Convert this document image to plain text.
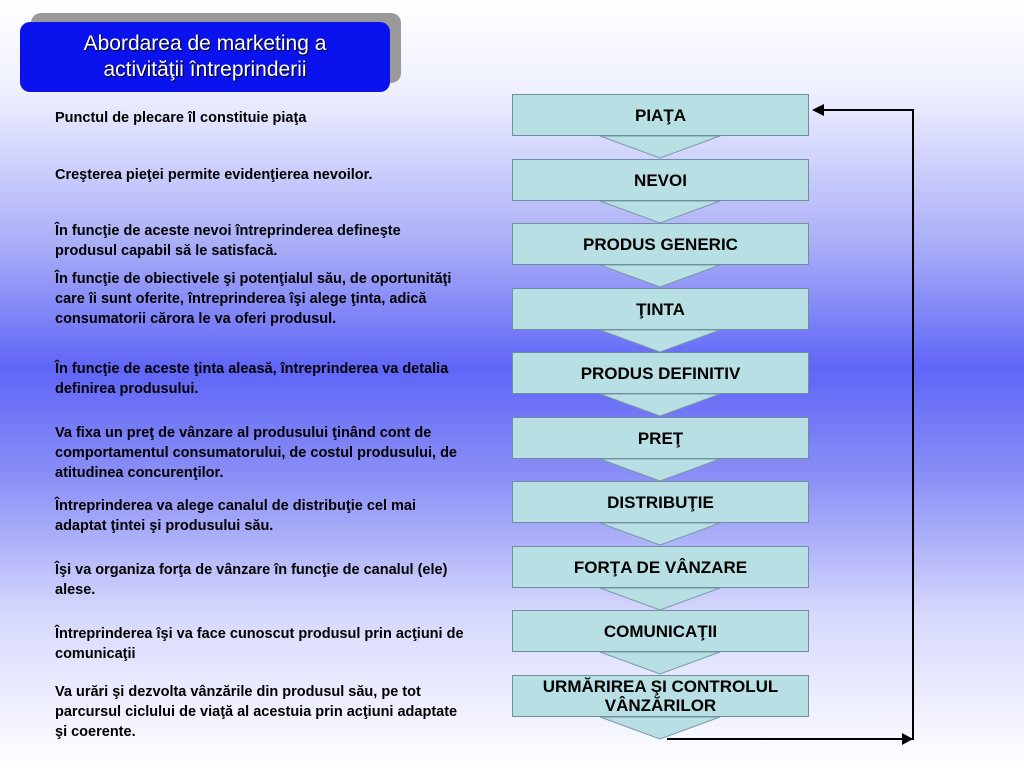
Abordarea de marketing a
activităţii întreprinderii
Punctul de plecare îl constituie piaţa
Creşterea pieţei permite evidenţierea nevoilor.
În funcţie de aceste nevoi întreprinderea defineşte produsul capabil să le satisfacă.
În funcţie de obiectivele şi potenţialul său, de oportunităţi care îi sunt oferite, întreprinderea îşi alege ţinta, adică consumatorii cărora le va oferi produsul.
În funcţie de aceste ţinta aleasă, întreprinderea va detalia definirea produsului.
Va fixa un preţ de vânzare al produsului ţinând cont de comportamentul consumatorului, de costul produsului, de atitudinea concurenţilor.
Întreprinderea va alege canalul de distribuţie cel mai adaptat ţintei şi produsului său.
Îşi va organiza forţa de vânzare în funcţie de canalul (ele) alese.
Întreprinderea îşi va face cunoscut produsul prin acţiuni de comunicaţii
Va urări şi dezvolta vânzările din produsul său, pe tot parcursul ciclului de viaţă al acestuia prin acţiuni adaptate şi coerente.
PIAŢA
NEVOI
PRODUS GENERIC
ŢINTA
PRODUS DEFINITIV
PREŢ
DISTRIBUŢIE
FORŢA DE VÂNZARE
COMUNICAŢII
URMĂRIREA ŞI CONTROLUL VÂNZĂRILOR
